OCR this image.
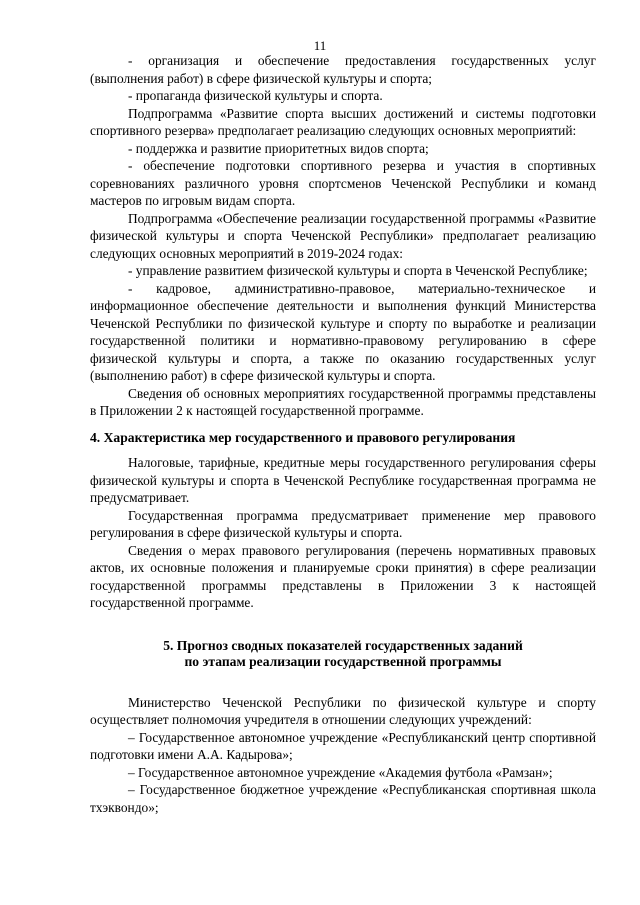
11

- организация и обеспечение предоставления государственных услуг (выполнения работ) в сфере физической культуры и спорта;

- пропаганда физической культуры и спорта.

Подпрограмма «Развитие спорта высших достижений и системы подготовки спортивного резерва» предполагает реализацию следующих основных мероприятий:

- поддержка и развитие приоритетных видов спорта;

- обеспечение подготовки спортивного резерва и участия в спортивных соревнованиях различного уровня спортсменов Чеченской Республики и команд мастеров по игровым видам спорта.

Подпрограмма «Обеспечение реализации государственной программы «Развитие физической культуры и спорта Чеченской Республики» предполагает реализацию следующих основных мероприятий в 2019-2024 годах:

- управление развитием физической культуры и спорта в Чеченской Республике;

- кадровое, административно-правовое, материально-техническое и информационное обеспечение деятельности и выполнения функций Министерства Чеченской Республики по физической культуре и спорту по выработке и реализации государственной политики и нормативно-правовому регулированию в сфере физической культуры и спорта, а также по оказанию государственных услуг (выполнению работ) в сфере физической культуры и спорта.

Сведения об основных мероприятиях государственной программы представлены в Приложении 2 к настоящей государственной программе.

4. Характеристика мер государственного и правового регулирования

Налоговые, тарифные, кредитные меры государственного регулирования сферы физической культуры и спорта в Чеченской Республике государственная программа не предусматривает.

Государственная программа предусматривает применение мер правового регулирования в сфере физической культуры и спорта.

Сведения о мерах правового регулирования (перечень нормативных правовых актов, их основные положения и планируемые сроки принятия) в сфере реализации государственной программы представлены в Приложении 3 к настоящей государственной программе.

5. Прогноз сводных показателей государственных заданий
по этапам реализации государственной программы

Министерство Чеченской Республики по физической культуре и спорту осуществляет полномочия учредителя в отношении следующих учреждений:

– Государственное автономное учреждение «Республиканский центр спортивной подготовки имени А.А. Кадырова»;

– Государственное автономное учреждение «Академия футбола «Рамзан»;

– Государственное бюджетное учреждение «Республиканская спортивная школа тхэквондо»;
